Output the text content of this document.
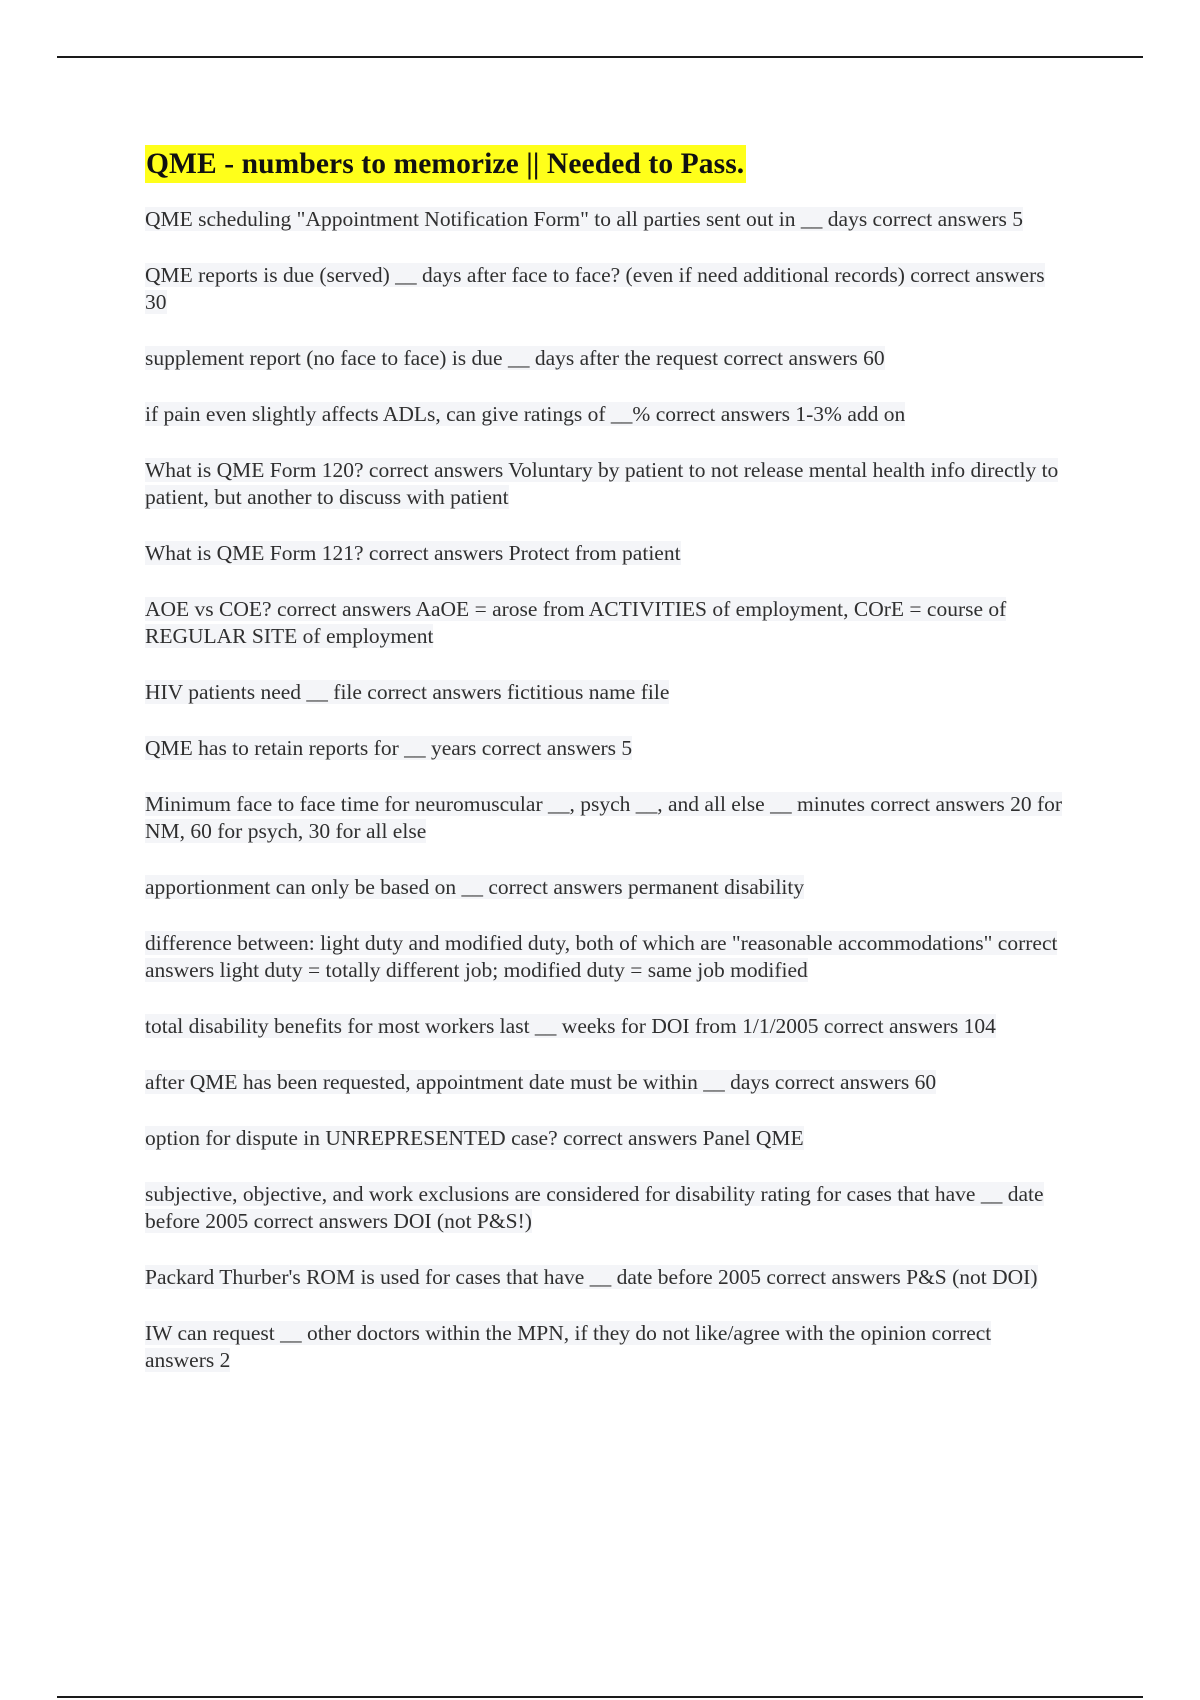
QME - numbers to memorize || Needed to Pass.
QME scheduling "Appointment Notification Form" to all parties sent out in __ days correct answers 5
QME reports is due (served) __ days after face to face? (even if need additional records) correct answers 30
supplement report (no face to face) is due __ days after the request correct answers 60
if pain even slightly affects ADLs, can give ratings of __% correct answers 1-3% add on
What is QME Form 120? correct answers Voluntary by patient to not release mental health info directly to patient, but another to discuss with patient
What is QME Form 121? correct answers Protect from patient
AOE vs COE? correct answers AaOE = arose from ACTIVITIES of employment, COrE = course of REGULAR SITE of employment
HIV patients need __ file correct answers fictitious name file
QME has to retain reports for __ years correct answers 5
Minimum face to face time for neuromuscular __, psych __, and all else __ minutes correct answers 20 for NM, 60 for psych, 30 for all else
apportionment can only be based on __ correct answers permanent disability
difference between: light duty and modified duty, both of which are "reasonable accommodations" correct answers light duty = totally different job; modified duty = same job modified
total disability benefits for most workers last __ weeks for DOI from 1/1/2005 correct answers 104
after QME has been requested, appointment date must be within __ days correct answers 60
option for dispute in UNREPRESENTED case? correct answers Panel QME
subjective, objective, and work exclusions are considered for disability rating for cases that have __ date before 2005 correct answers DOI (not P&S!)
Packard Thurber's ROM is used for cases that have __ date before 2005 correct answers P&S (not DOI)
IW can request __ other doctors within the MPN, if they do not like/agree with the opinion correct answers 2
